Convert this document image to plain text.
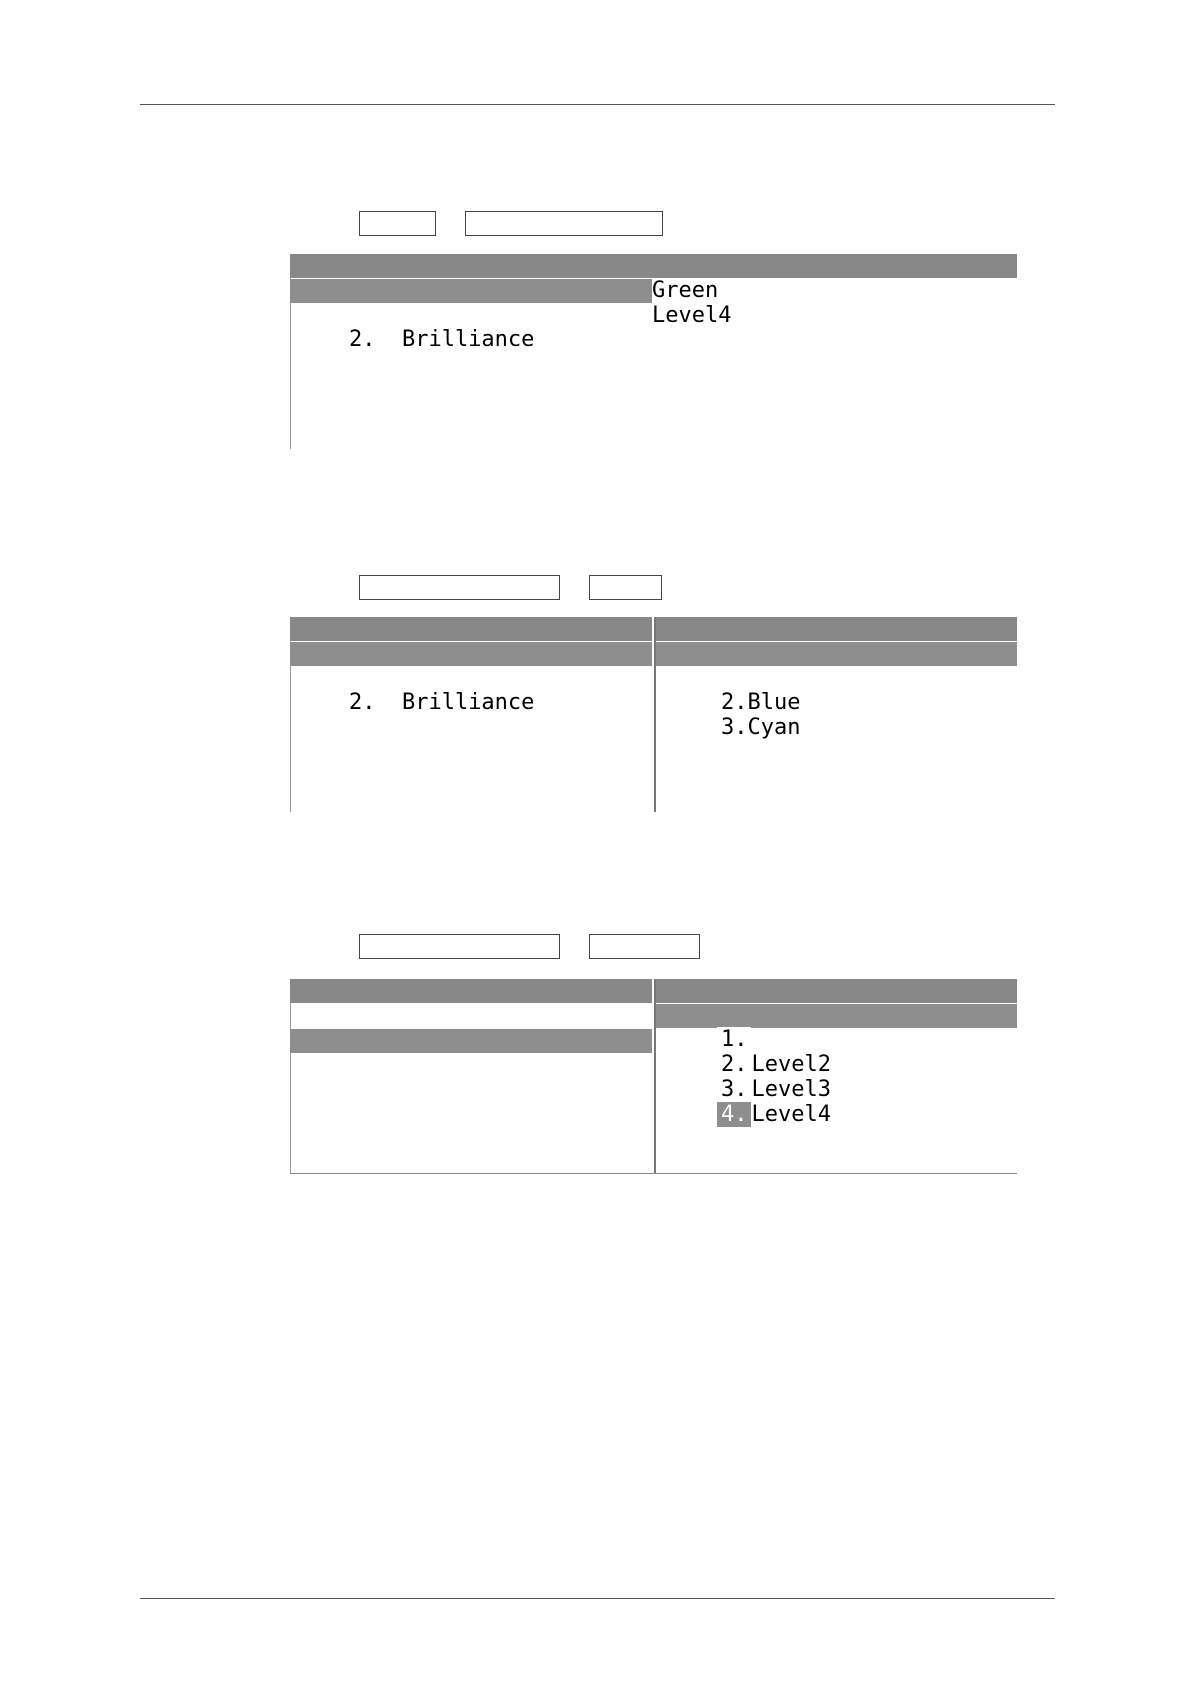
1.  Color

Green

2.  Brilliance

Level4

1.  Color

2.  Brilliance

1.Green

2.Blue

3.Cyan

RADAR Trails(All)

2.  Brilliance

1. Level1

2. Level2

3. Level3

4. Level4
